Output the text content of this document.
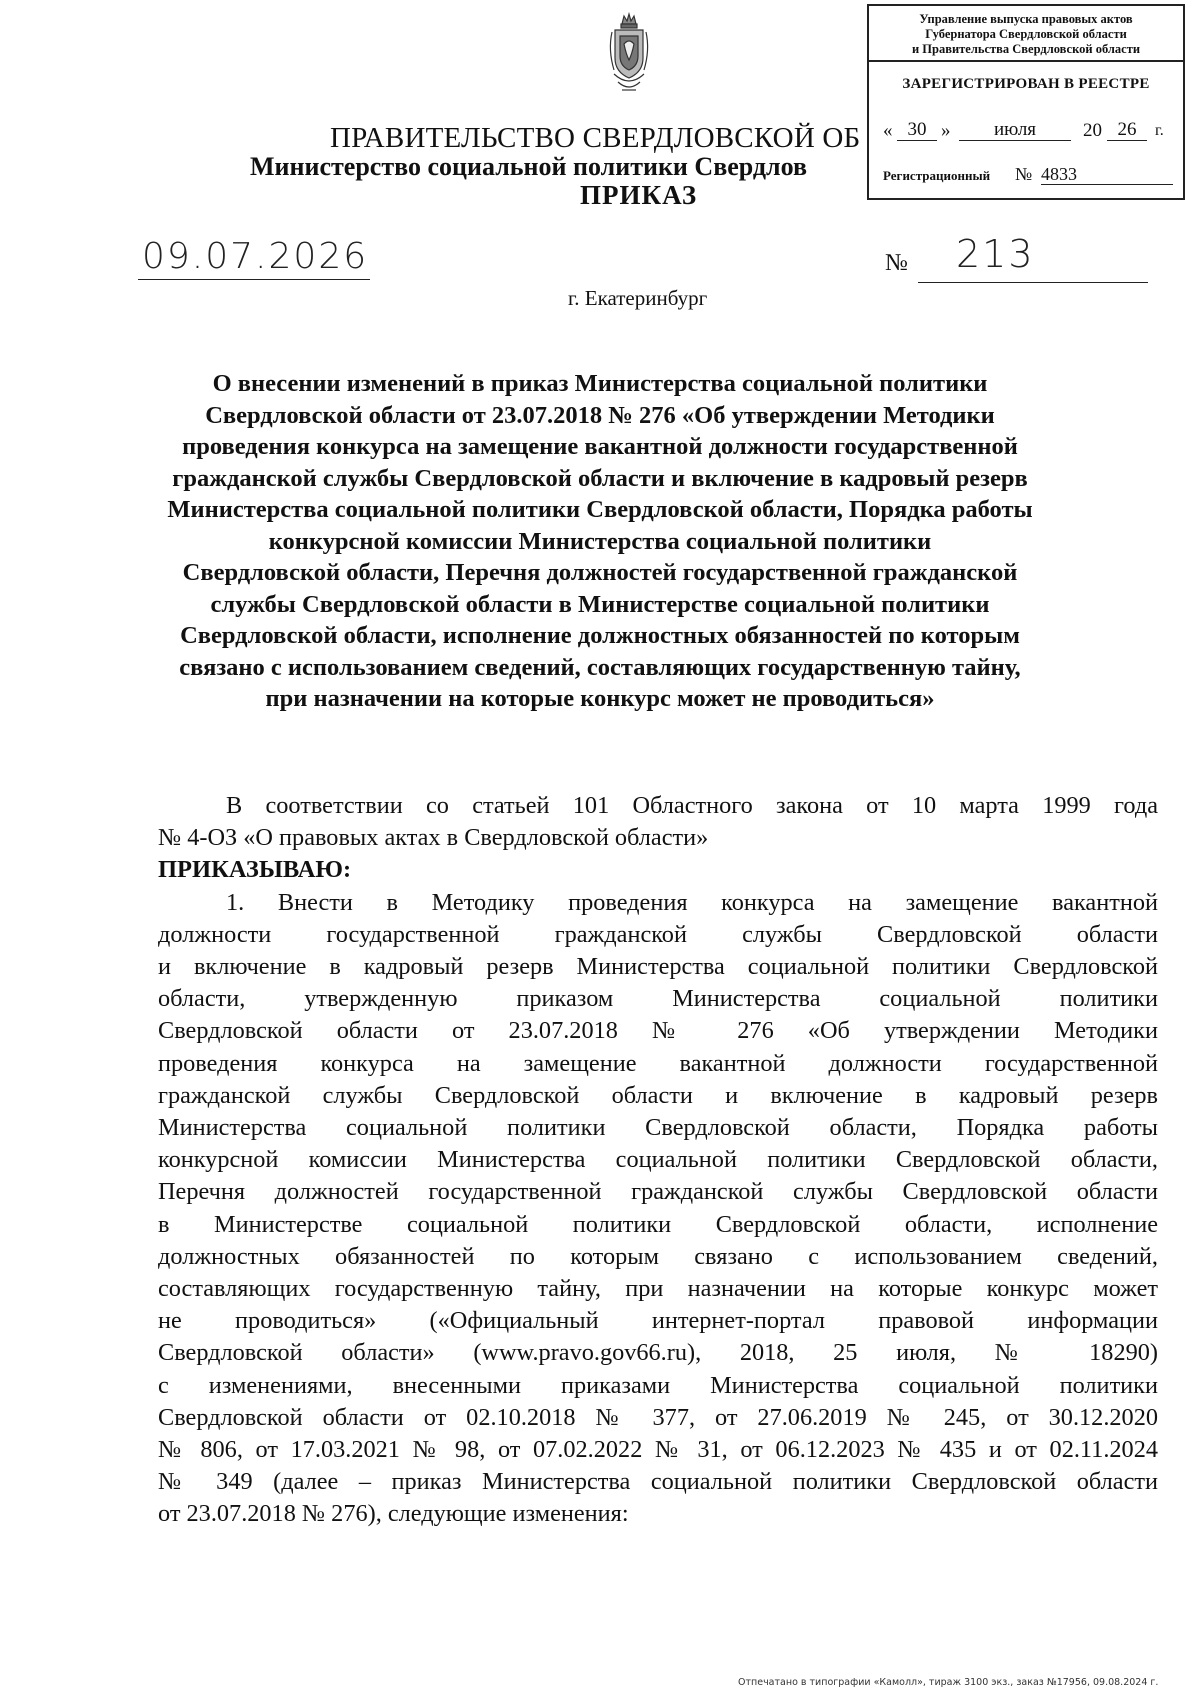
Управление выпуска правовых актов
Губернатора Свердловской области
и Правительства Свердловской области
ЗАРЕГИСТРИРОВАН В РЕЕСТРЕ
« 30 »	июля	20 26	г.
Регистрационный № 4833
ПРАВИТЕЛЬСТВО СВЕРДЛОВСКОЙ ОБ
Министерство социальной политики Свердлов
ПРИКАЗ
09.07.2026	№ 213
г. Екатеринбург
О внесении изменений в приказ Министерства социальной политики
Свердловской области от 23.07.2018 № 276 «Об утверждении Методики
проведения конкурса на замещение вакантной должности государственной
гражданской службы Свердловской области и включение в кадровый резерв
Министерства социальной политики Свердловской области, Порядка работы
конкурсной комиссии Министерства социальной политики
Свердловской области, Перечня должностей государственной гражданской
службы Свердловской области в Министерстве социальной политики
Свердловской области, исполнение должностных обязанностей по которым
связано с использованием сведений, составляющих государственную тайну,
при назначении на которые конкурс может не проводиться»
В соответствии со статьей 101 Областного закона от 10 марта 1999 года
№ 4-ОЗ «О правовых актах в Свердловской области»
ПРИКАЗЫВАЮ:
1. Внести в Методику проведения конкурса на замещение вакантной
должности государственной гражданской службы Свердловской области
и включение в кадровый резерв Министерства социальной политики Свердловской
области, утвержденную приказом Министерства социальной политики
Свердловской области от 23.07.2018 № 276 «Об утверждении Методики
проведения конкурса на замещение вакантной должности государственной
гражданской службы Свердловской области и включение в кадровый резерв
Министерства социальной политики Свердловской области, Порядка работы
конкурсной комиссии Министерства социальной политики Свердловской области,
Перечня должностей государственной гражданской службы Свердловской области
в Министерстве социальной политики Свердловской области, исполнение
должностных обязанностей по которым связано с использованием сведений,
составляющих государственную тайну, при назначении на которые конкурс может
не проводиться» («Официальный интернет-портал правовой информации
Свердловской области» (www.pravo.gov66.ru), 2018, 25 июля, № 18290)
с изменениями, внесенными приказами Министерства социальной политики
Свердловской области от 02.10.2018 № 377, от 27.06.2019 № 245, от 30.12.2020
№ 806, от 17.03.2021 № 98, от 07.02.2022 № 31, от 06.12.2023 № 435 и от 02.11.2024
№ 349 (далее – приказ Министерства социальной политики Свердловской области
от 23.07.2018 № 276), следующие изменения:
Отпечатано в типографии «Камолл», тираж 3100 экз., заказ №17956, 09.08.2024 г.
